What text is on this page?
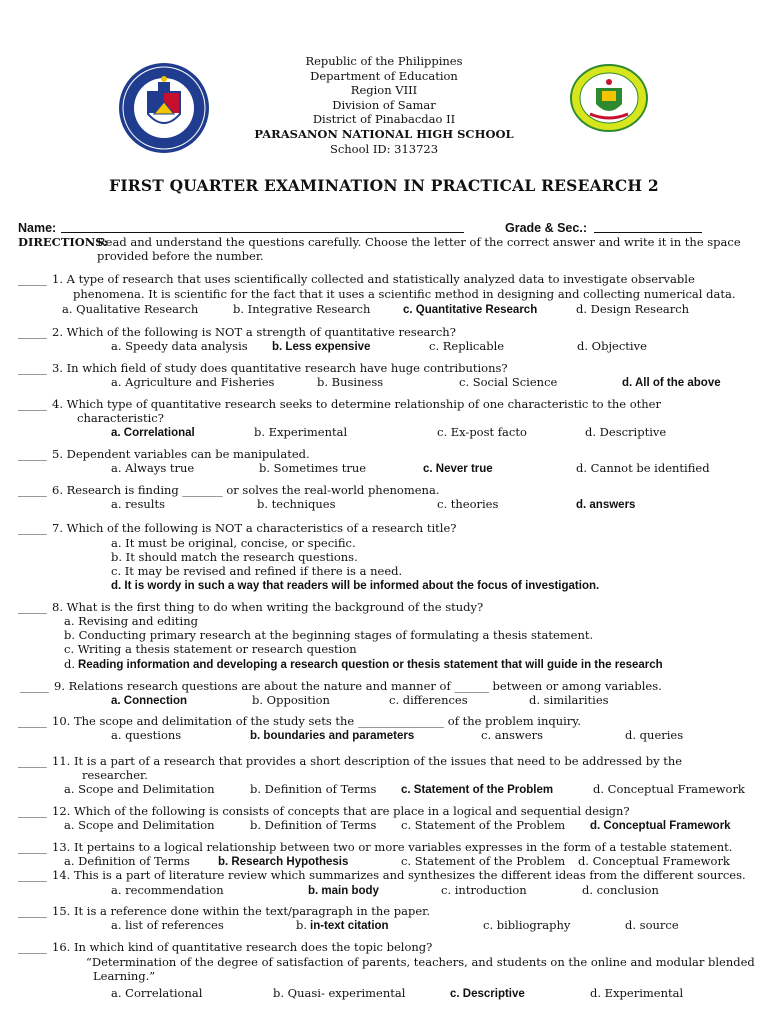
Republic of the Philippines
Department of Education
Region VIII
Division of Samar
District of Pinabacdao II
PARASANON NATIONAL HIGH SCHOOL
School ID: 313723
FIRST QUARTER EXAMINATION IN PRACTICAL RESEARCH 2
Name:	Grade & Sec.:
DIRECTIONS:
Read and understand the questions carefully. Choose the letter of the correct answer and write it in the space
provided before the number.
_____ 1. A type of research that uses scientifically collected and statistically analyzed data to investigate observable
phenomena. It is scientific for the fact that it uses a scientific method in designing and collecting numerical data.
a. Qualitative Research	b. Integrative Research	c. Quantitative Research	d. Design Research
_____ 2. Which of the following is NOT a strength of quantitative research?
a. Speedy data analysis b. Less expensive	c. Replicable	d. Objective
_____ 3. In which field of study does quantitative research have huge contributions?
a. Agriculture and Fisheries	b. Business	c. Social Science	d. All of the above
_____ 4. Which type of quantitative research seeks to determine relationship of one characteristic to the other
characteristic?
a. Correlational	b. Experimental	c. Ex-post facto	d. Descriptive
_____ 5. Dependent variables can be manipulated.
a. Always true	b. Sometimes true	c. Never true	d. Cannot be identified
_____ 6. Research is finding _______ or solves the real-world phenomena.
a. results	b. techniques	c. theories	d. answers
_____ 7. Which of the following is NOT a characteristics of a research title?
a. It must be original, concise, or specific.
b. It should match the research questions.
c. It may be revised and refined if there is a need.
d. It is wordy in such a way that readers will be informed about the focus of investigation.
_____ 8. What is the first thing to do when writing the background of the study?
a. Revising and editing
b. Conducting primary research at the beginning stages of formulating a thesis statement.
c. Writing a thesis statement or research question
d. Reading information and developing a research question or thesis statement that will guide in the research
_____ 9. Relations research questions are about the nature and manner of ______ between or among variables.
a. Connection	b. Opposition	c. differences	d. similarities
_____ 10. The scope and delimitation of the study sets the _______________ of the problem inquiry.
a. questions	b. boundaries and parameters	c. answers	d. queries
_____ 11. It is a part of a research that provides a short description of the issues that need to be addressed by the
researcher.
a. Scope and Delimitation	b. Definition of Terms c. Statement of the Problem	d. Conceptual Framework
_____ 12. Which of the following is consists of concepts that are place in a logical and sequential design?
a. Scope and Delimitation	b. Definition of Terms c. Statement of the Problem d. Conceptual Framework
_____ 13. It pertains to a logical relationship between two or more variables expresses in the form of a testable statement.
a. Definition of Terms b. Research Hypothesis	c. Statement of the Problem d. Conceptual Framework
_____ 14. This is a part of literature review which summarizes and synthesizes the different ideas from the different sources.
a. recommendation	b. main body	c. introduction	d. conclusion
_____ 15. It is a reference done within the text/paragraph in the paper.
a. list of references	b. in-text citation	c. bibliography	d. source
_____ 16. In which kind of quantitative research does the topic belong?
“Determination of the degree of satisfaction of parents, teachers, and students on the online and modular blended
Learning.”
a. Correlational	b. Quasi- experimental	c. Descriptive	d. Experimental
